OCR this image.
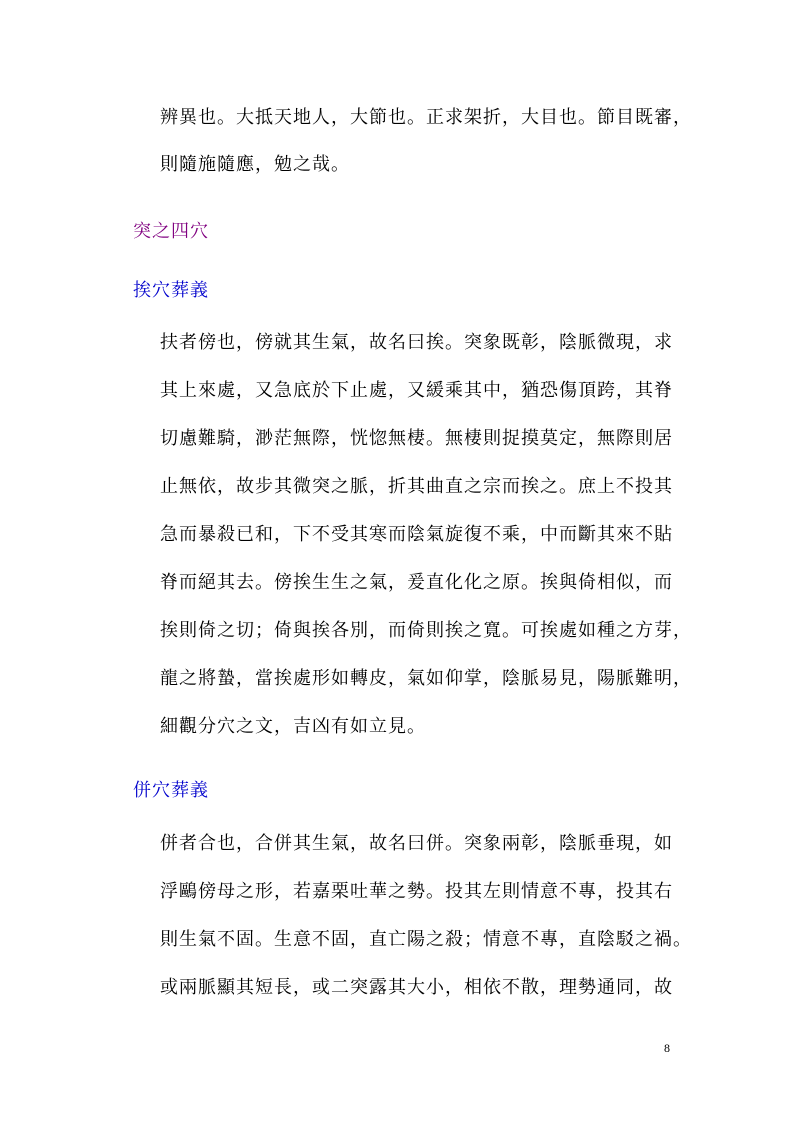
辨異也。大抵天地人，大節也。正求架折，大目也。節目既審，
則隨施隨應，勉之哉。
突之四穴
挨穴葬義
扶者傍也，傍就其生氣，故名曰挨。突象既彰，陰脈微現，求
其上來處，又急底於下止處，又緩乘其中，猶恐傷頂跨，其脊
切慮難騎，渺茫無際，恍惚無棲。無棲則捉摸莫定，無際則居
止無依，故步其微突之脈，折其曲直之宗而挨之。庶上不投其
急而暴殺已和，下不受其寒而陰氣旋復不乘，中而斷其來不貼
脊而絕其去。傍挨生生之氣，爰直化化之原。挨與倚相似，而
挨則倚之切；倚與挨各別，而倚則挨之寬。可挨處如種之方芽，
龍之將蟄，當挨處形如轉皮，氣如仰掌，陰脈易見，陽脈難明，
細觀分穴之文，吉凶有如立見。
併穴葬義
併者合也，合併其生氣，故名曰併。突象兩彰，陰脈垂現，如
浮鷗傍母之形，若嘉栗吐華之勢。投其左則情意不專，投其右
則生氣不固。生意不固，直亡陽之殺；情意不專，直陰駁之禍。
或兩脈顯其短長，或二突露其大小，相依不散，理勢通同，故
8
